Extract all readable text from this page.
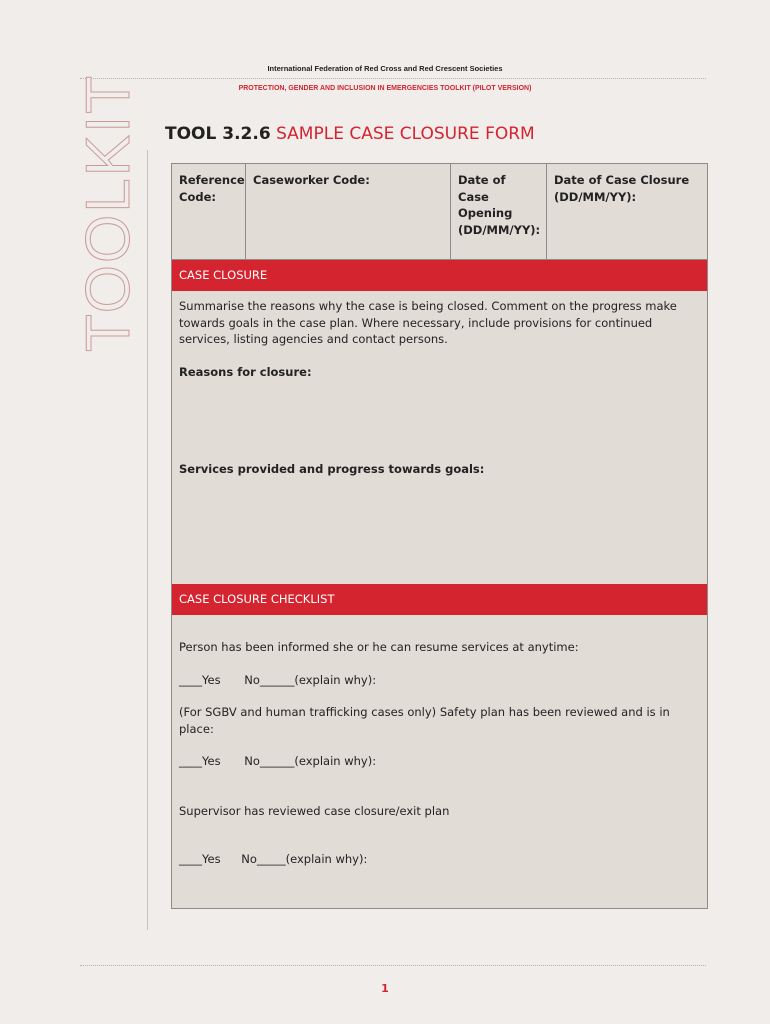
International Federation of Red Cross and Red Crescent Societies
PROTECTION, GENDER AND INCLUSION IN EMERGENCIES TOOLKIT (PILOT VERSION)
TOOLKIT TOOL 3.2.6 SAMPLE CASE CLOSURE FORM
Reference
Code:
Caseworker Code:	Date of Case
Opening
(DD/MM/YY):
Date of Case Closure
(DD/MM/YY):
CASE CLOSURE

Summarise the reasons why the case is being closed. Comment on the progress make

towards goals in the case plan. Where necessary, include provisions for continued

services, listing agencies and contact persons.

Reasons for closure:

Services provided and progress towards goals:

CASE CLOSURE CHECKLIST

Person has been informed she or he can resume services at anytime:

____Yes No______(explain why):

(For SGBV and human trafficking cases only) Safety plan has been reviewed and is in

place:

____Yes No______(explain why):

Supervisor has reviewed case closure/exit plan

____Yes No_____(explain why):

1
